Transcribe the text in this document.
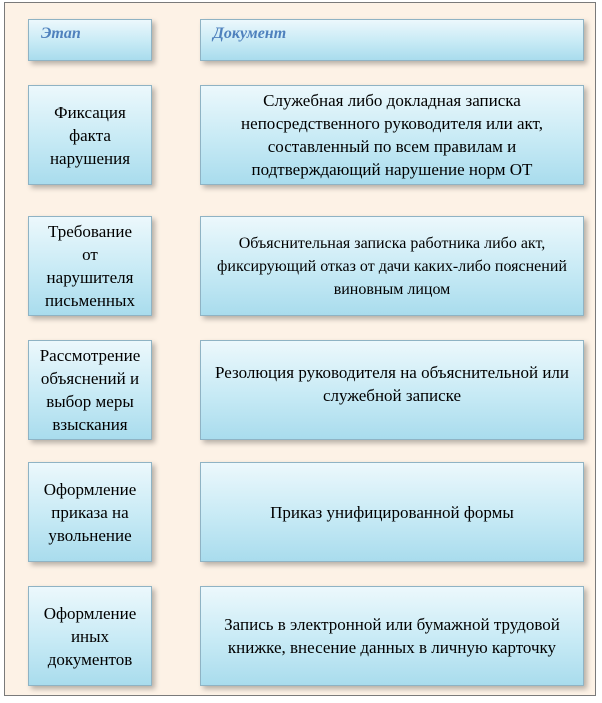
Этап	Документ
Фиксация
факта
нарушения
Служебная либо докладная записка
непосредственного руководителя или акт,
составленный по всем правилам и
подтверждающий нарушение норм ОТ
Требование
от
нарушителя
письменных
Объяснительная записка работника либо акт,
фиксирующий отказ от дачи каких-либо пояснений
виновным лицом
Рассмотрение
объяснений и
выбор меры
взыскания
Резолюция руководителя на объяснительной или
служебной записке
Оформление
приказа на
увольнение
Приказ унифицированной формы
Оформление
иных
документов
Запись в электронной или бумажной трудовой
книжке, внесение данных в личную карточку
